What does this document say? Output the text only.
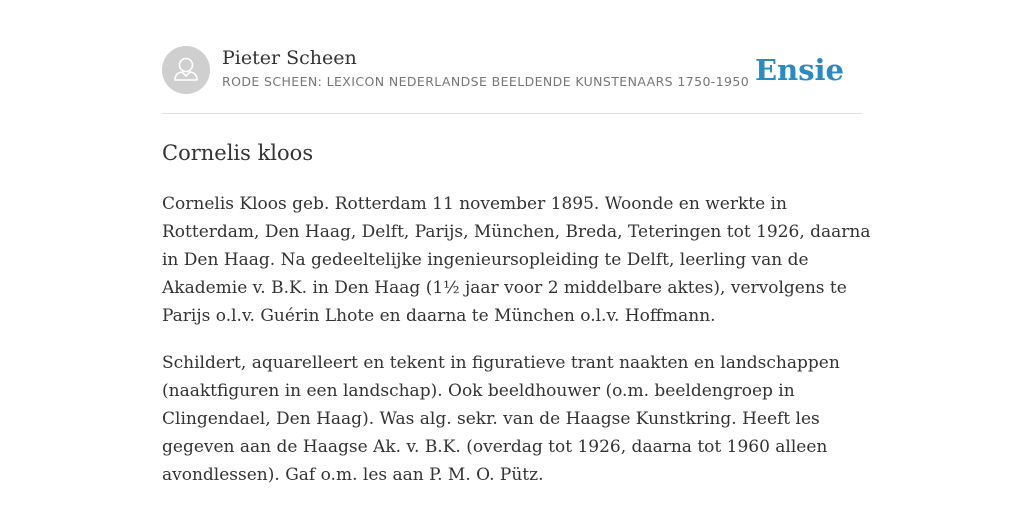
Pieter Scheen
RODE SCHEEN: LEXICON NEDERLANDSE BEELDENDE KUNSTENAARS 1750-1950 Ensie
Cornelis kloos

Cornelis Kloos geb. Rotterdam 11 november 1895. Woonde en werkte in
Rotterdam, Den Haag, Delft, Parijs, München, Breda, Teteringen tot 1926, daarna
in Den Haag. Na gedeeltelijke ingenieursopleiding te Delft, leerling van de
Akademie v. B.K. in Den Haag (1½ jaar voor 2 middelbare aktes), vervolgens te
Parijs o.l.v. Guérin Lhote en daarna te München o.l.v. Hoffmann.

Schildert, aquarelleert en tekent in figuratieve trant naakten en landschappen
(naaktfiguren in een landschap). Ook beeldhouwer (o.m. beeldengroep in
Clingendael, Den Haag). Was alg. sekr. van de Haagse Kunstkring. Heeft les
gegeven aan de Haagse Ak. v. B.K. (overdag tot 1926, daarna tot 1960 alleen
avondlessen). Gaf o.m. les aan P. M. O. Pütz.
